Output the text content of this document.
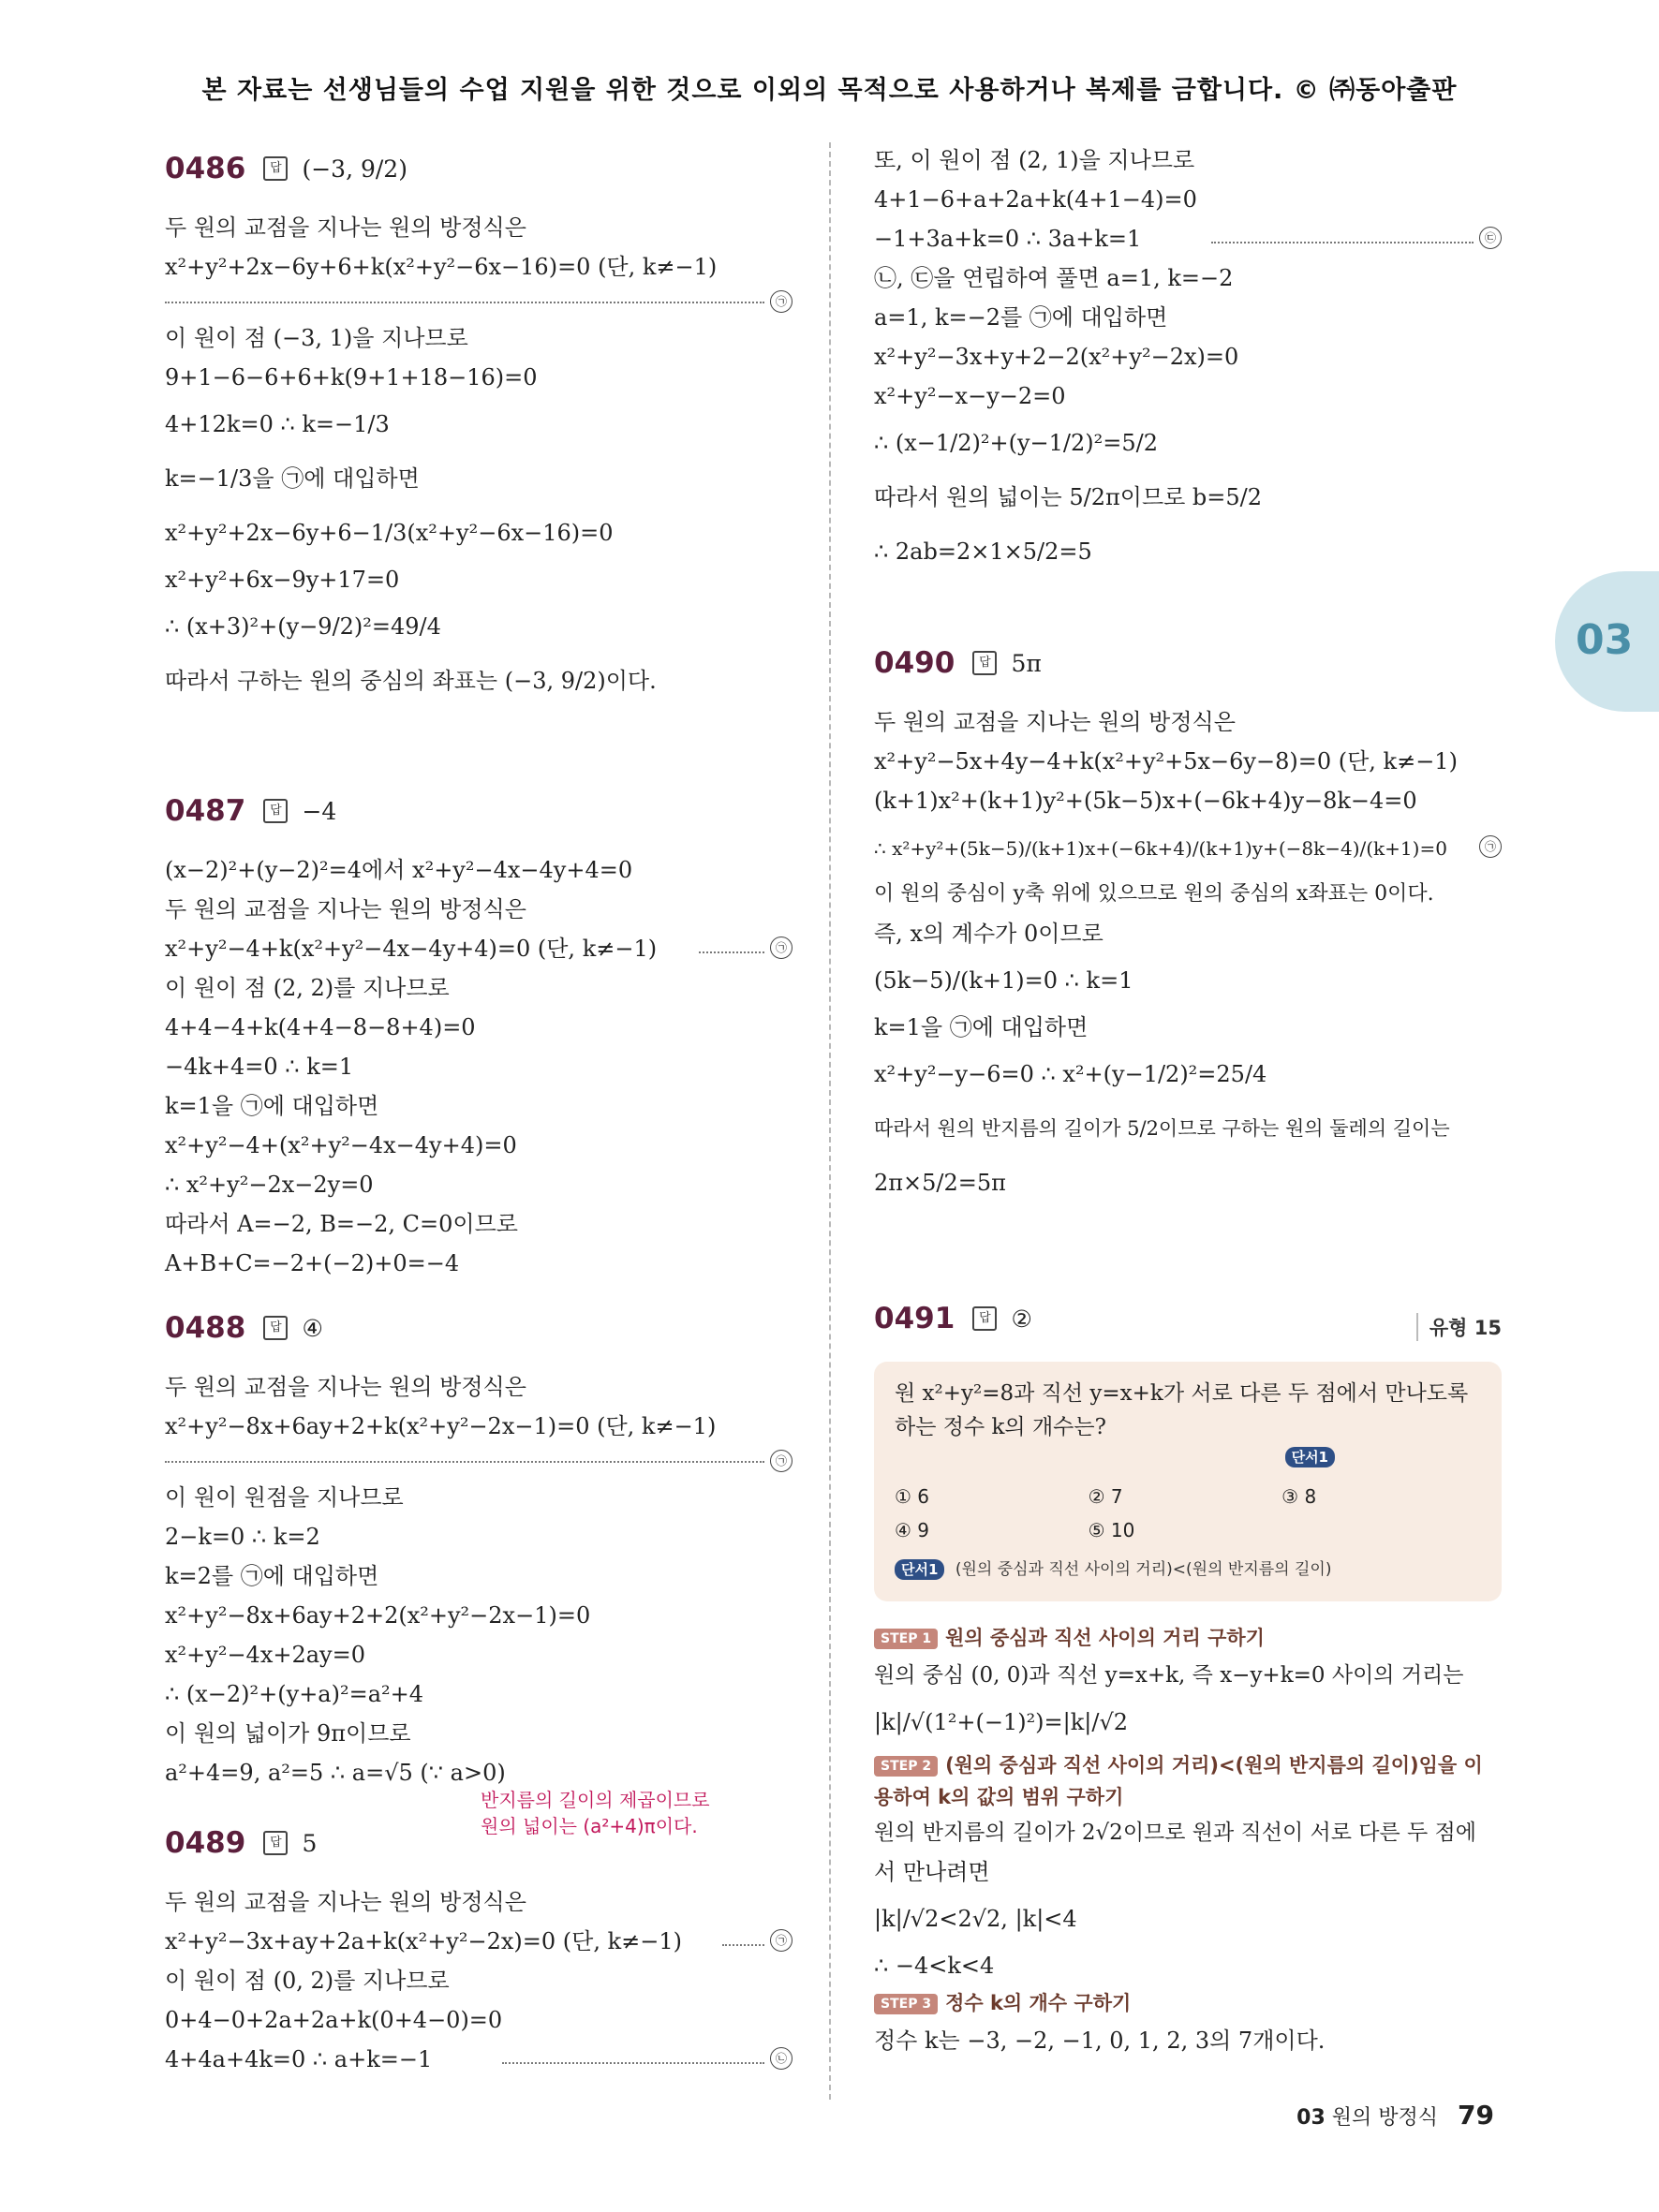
본 자료는 선생님들의 수업 지원을 위한 것으로 이외의 목적으로 사용하거나 복제를 금합니다. © ㈜동아출판
03
0486 답 (−3, 9/2)
두 원의 교점을 지나는 원의 방정식은
x²+y²+2x−6y+6+k(x²+y²−6x−16)=0 (단, k≠−1)
㉠
이 원이 점 (−3, 1)을 지나므로
9+1−6−6+6+k(9+1+18−16)=0
4+12k=0 ∴ k=−1/3
k=−1/3을 ㉠에 대입하면
x²+y²+2x−6y+6−1/3(x²+y²−6x−16)=0
x²+y²+6x−9y+17=0
∴ (x+3)²+(y−9/2)²=49/4
따라서 구하는 원의 중심의 좌표는 (−3, 9/2)이다.
0487 답 −4
(x−2)²+(y−2)²=4에서 x²+y²−4x−4y+4=0
두 원의 교점을 지나는 원의 방정식은
x²+y²−4+k(x²+y²−4x−4y+4)=0 (단, k≠−1)	㉠
이 원이 점 (2, 2)를 지나므로
4+4−4+k(4+4−8−8+4)=0
−4k+4=0 ∴ k=1
k=1을 ㉠에 대입하면
x²+y²−4+(x²+y²−4x−4y+4)=0
∴ x²+y²−2x−2y=0
따라서 A=−2, B=−2, C=0이므로
A+B+C=−2+(−2)+0=−4
0488 답 ④
두 원의 교점을 지나는 원의 방정식은
x²+y²−8x+6ay+2+k(x²+y²−2x−1)=0 (단, k≠−1)
㉠
이 원이 원점을 지나므로
2−k=0 ∴ k=2
k=2를 ㉠에 대입하면
x²+y²−8x+6ay+2+2(x²+y²−2x−1)=0
x²+y²−4x+2ay=0
∴ (x−2)²+(y+a)²=a²+4
이 원의 넓이가 9π이므로
a²+4=9, a²=5 ∴ a=√5 (∵ a>0)
반지름의 길이의 제곱이므로
원의 넓이는 (a²+4)π이다.
0489 답 5
두 원의 교점을 지나는 원의 방정식은
x²+y²−3x+ay+2a+k(x²+y²−2x)=0 (단, k≠−1)	㉠
이 원이 점 (0, 2)를 지나므로
0+4−0+2a+2a+k(0+4−0)=0
4+4a+4k=0 ∴ a+k=−1	㉡
또, 이 원이 점 (2, 1)을 지나므로
4+1−6+a+2a+k(4+1−4)=0
−1+3a+k=0 ∴ 3a+k=1	㉢
㉡, ㉢을 연립하여 풀면 a=1, k=−2
a=1, k=−2를 ㉠에 대입하면
x²+y²−3x+y+2−2(x²+y²−2x)=0
x²+y²−x−y−2=0
∴ (x−1/2)²+(y−1/2)²=5/2
따라서 원의 넓이는 5/2π이므로 b=5/2
∴ 2ab=2×1×5/2=5
0490 답 5π
두 원의 교점을 지나는 원의 방정식은
x²+y²−5x+4y−4+k(x²+y²+5x−6y−8)=0 (단, k≠−1)
(k+1)x²+(k+1)y²+(5k−5)x+(−6k+4)y−8k−4=0
∴ x²+y²+(5k−5)/(k+1)x+(−6k+4)/(k+1)y+(−8k−4)/(k+1)=0	㉠
이 원의 중심이 y축 위에 있으므로 원의 중심의 x좌표는 0이다.
즉, x의 계수가 0이므로
(5k−5)/(k+1)=0 ∴ k=1
k=1을 ㉠에 대입하면
x²+y²−y−6=0 ∴ x²+(y−1/2)²=25/4
따라서 원의 반지름의 길이가 5/2이므로 구하는 원의 둘레의 길이는
2π×5/2=5π
0491 답 ②	유형 15
원 x²+y²=8과 직선 y=x+k가 서로 다른 두 점에서 만나도록 하는 정수 k의 개수는?
단서1
① 6	② 7	③ 8
④ 9	⑤ 10
단서1 (원의 중심과 직선 사이의 거리)<(원의 반지름의 길이)
STEP 1 원의 중심과 직선 사이의 거리 구하기
원의 중심 (0, 0)과 직선 y=x+k, 즉 x−y+k=0 사이의 거리는
|k|/√(1²+(−1)²)=|k|/√2
STEP 2 (원의 중심과 직선 사이의 거리)<(원의 반지름의 길이)임을 이용하여 k의 값의 범위 구하기
원의 반지름의 길이가 2√2이므로 원과 직선이 서로 다른 두 점에
서 만나려면
|k|/√2<2√2, |k|<4
∴ −4<k<4
STEP 3 정수 k의 개수 구하기
정수 k는 −3, −2, −1, 0, 1, 2, 3의 7개이다.
03 원의 방정식 79
